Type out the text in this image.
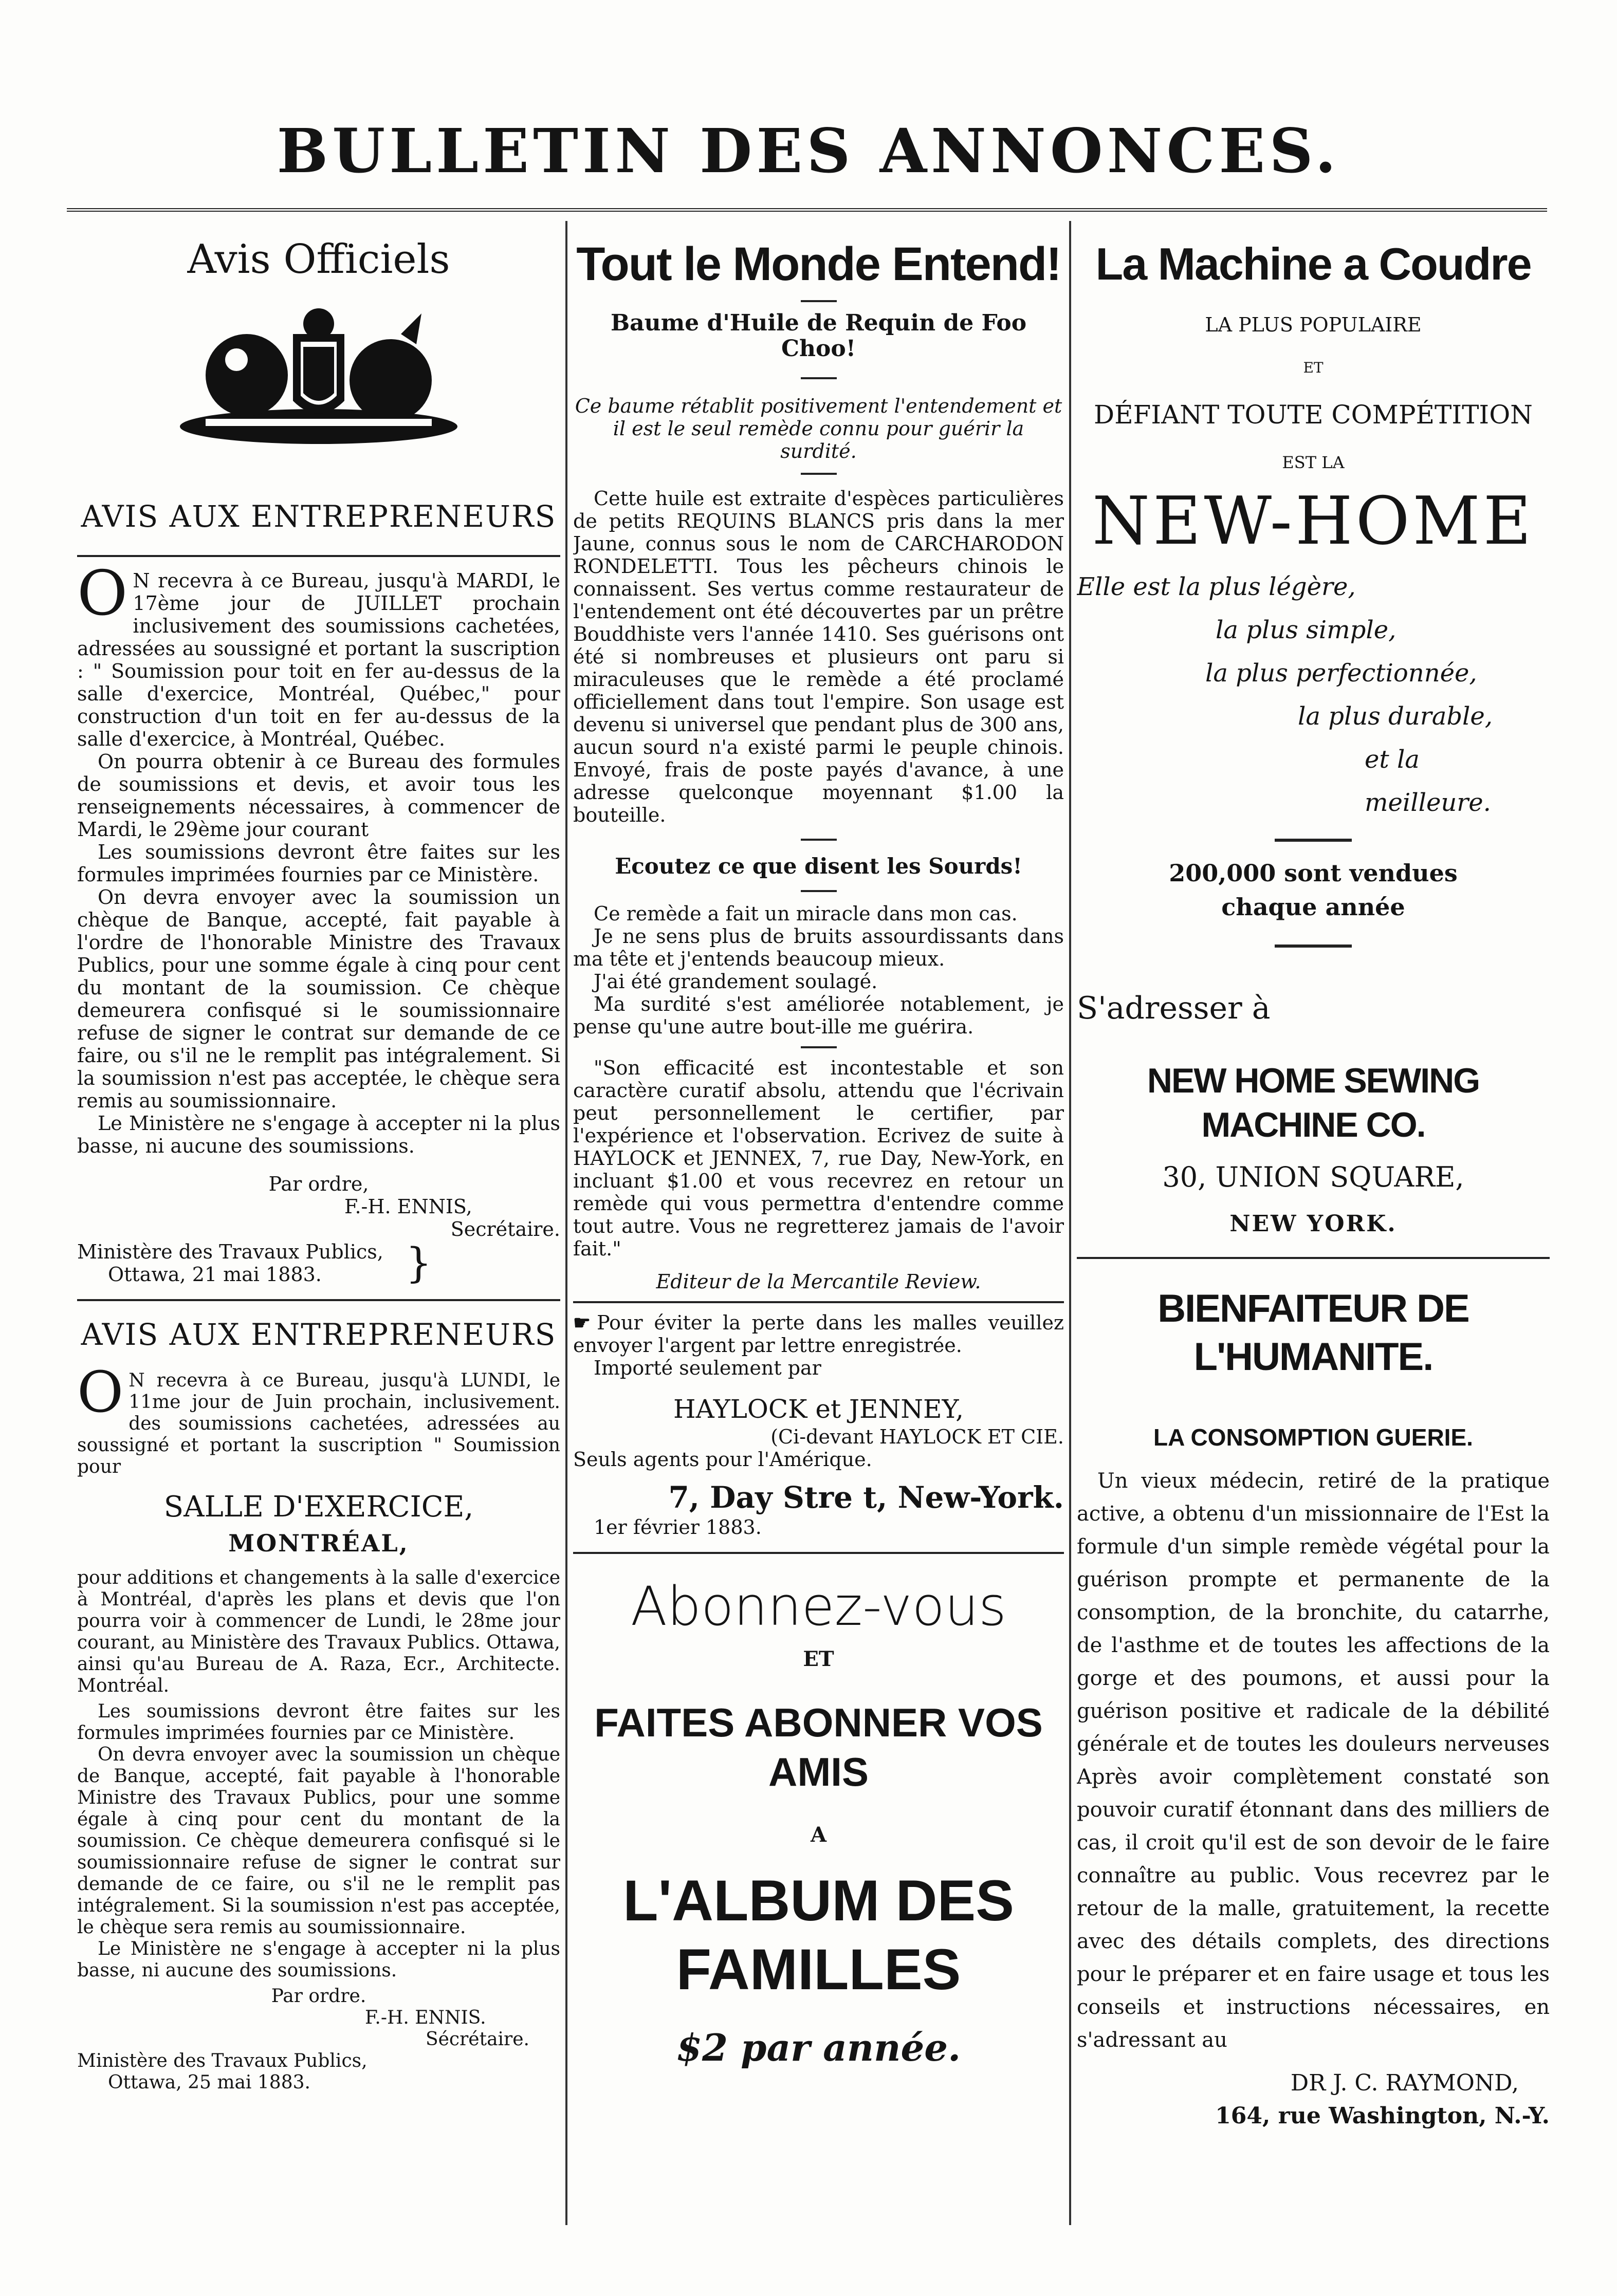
BULLETIN DES ANNONCES.

Avis Officiels

AVIS AUX ENTREPRENEURS

O N recevra à ce Bureau, jusqu'à MARDI, le 17ème jour de JUILLET prochain inclusivement des soumissions cachetées, adressées au soussigné et portant la suscription : " Soumission pour toit en fer au-dessus de la salle d'exercice, Montréal, Québec," pour construction d'un toit en fer au-dessus de la salle d'exercice, à Montréal, Québec.

On pourra obtenir à ce Bureau des formules de soumissions et devis, et avoir tous les renseignements nécessaires, à commencer de Mardi, le 29ème jour courant

Les soumissions devront être faites sur les formules imprimées fournies par ce Ministère.

On devra envoyer avec la soumission un chèque de Banque, accepté, fait payable à l'ordre de l'honorable Ministre des Travaux Publics, pour une somme égale à cinq pour cent du montant de la soumission. Ce chèque demeurera confisqué si le soumissionnaire refuse de signer le contrat sur demande de ce faire, ou s'il ne le remplit pas intégralement. Si la soumission n'est pas acceptée, le chèque sera remis au soumissionnaire.

Le Ministère ne s'engage à accepter ni la plus basse, ni aucune des soumissions.

Par ordre,

F.-H. ENNIS,

Secrétaire.

Ministère des Travaux Publics,

Ottawa, 21 mai 1883.	}

AVIS AUX ENTREPRENEURS

O N recevra à ce Bureau, jusqu'à LUNDI, le 11me jour de Juin prochain, inclusivement. des soumissions cachetées, adressées au soussigné et portant la suscription " Soumission pour

SALLE D'EXERCICE,

MONTRÉAL,

pour additions et changements à la salle d'exercice à Montréal, d'après les plans et devis que l'on pourra voir à commencer de Lundi, le 28me jour courant, au Ministère des Travaux Publics. Ottawa, ainsi qu'au Bureau de A. Raza, Ecr., Architecte. Montréal.

Les soumissions devront être faites sur les formules imprimées fournies par ce Ministère.

On devra envoyer avec la soumission un chèque de Banque, accepté, fait payable à l'honorable Ministre des Travaux Publics, pour une somme égale à cinq pour cent du montant de la soumission. Ce chèque demeurera confisqué si le soumissionnaire refuse de signer le contrat sur demande de ce faire, ou s'il ne le remplit pas intégralement. Si la soumission n'est pas acceptée, le chèque sera remis au soumissionnaire.

Le Ministère ne s'engage à accepter ni la plus basse, ni aucune des soumissions.

Par ordre.

F.-H. ENNIS.

Sécrétaire.

Ministère des Travaux Publics,

Ottawa, 25 mai 1883.

Tout le Monde Entend!

Baume d'Huile de Requin de Foo Choo!

Ce baume rétablit positivement l'entendement et il est le seul remède connu pour guérir la surdité.

Cette huile est extraite d'espèces particulières de petits REQUINS BLANCS pris dans la mer Jaune, connus sous le nom de CARCHARODON RONDELETTI. Tous les pêcheurs chinois le connaissent. Ses vertus comme restaurateur de l'entendement ont été découvertes par un prêtre Bouddhiste vers l'année 1410. Ses guérisons ont été si nombreuses et plusieurs ont paru si miraculeuses que le remède a été proclamé officiellement dans tout l'empire. Son usage est devenu si universel que pendant plus de 300 ans, aucun sourd n'a existé parmi le peuple chinois. Envoyé, frais de poste payés d'avance, à une adresse quelconque moyennant $1.00 la bouteille.

Ecoutez ce que disent les Sourds!

Ce remède a fait un miracle dans mon cas.

Je ne sens plus de bruits assourdissants dans ma tête et j'entends beaucoup mieux.

J'ai été grandement soulagé.

Ma surdité s'est améliorée notablement, je pense qu'une autre bout-ille me guérira.

"Son efficacité est incontestable et son caractère curatif absolu, attendu que l'écrivain peut personnellement le certifier, par l'expérience et l'observation. Ecrivez de suite à HAYLOCK et JENNEX, 7, rue Day, New-York, en incluant $1.00 et vous recevrez en retour un remède qui vous permettra d'entendre comme tout autre. Vous ne regretterez jamais de l'avoir fait."

Editeur de la Mercantile Review.

☛ Pour éviter la perte dans les malles veuillez envoyer l'argent par lettre enregistrée.

Importé seulement par

HAYLOCK et JENNEY,

(Ci-devant HAYLOCK ET CIE.

Seuls agents pour l'Amérique.

7, Day Stre t, New-York.

1er février 1883.

Abonnez-vous

ET

FAITES ABONNER VOS AMIS

A

L'ALBUM DES FAMILLES

$2 par année.

La Machine a Coudre

LA PLUS POPULAIRE

ET

DÉFIANT TOUTE COMPÉTITION

EST LA

NEW-HOME

Elle est la plus légère,

la plus simple,

la plus perfectionnée,

la plus durable,

et la meilleure.

200,000 sont vendues chaque année

S'adresser à

NEW HOME SEWING MACHINE CO.

30, UNION SQUARE,

NEW YORK.

BIENFAITEUR DE L'HUMANITE.

LA CONSOMPTION GUERIE.

Un vieux médecin, retiré de la pratique active, a obtenu d'un missionnaire de l'Est la formule d'un simple remède végétal pour la guérison prompte et permanente de la consomption, de la bronchite, du catarrhe, de l'asthme et de toutes les affections de la gorge et des poumons, et aussi pour la guérison positive et radicale de la débilité générale et de toutes les douleurs nerveuses Après avoir complètement constaté son pouvoir curatif étonnant dans des milliers de cas, il croit qu'il est de son devoir de le faire connaître au public. Vous recevrez par le retour de la malle, gratuitement, la recette avec des détails complets, des directions pour le préparer et en faire usage et tous les conseils et instructions nécessaires, en s'adressant au

DR J. C. RAYMOND,

164, rue Washington, N.-Y.
